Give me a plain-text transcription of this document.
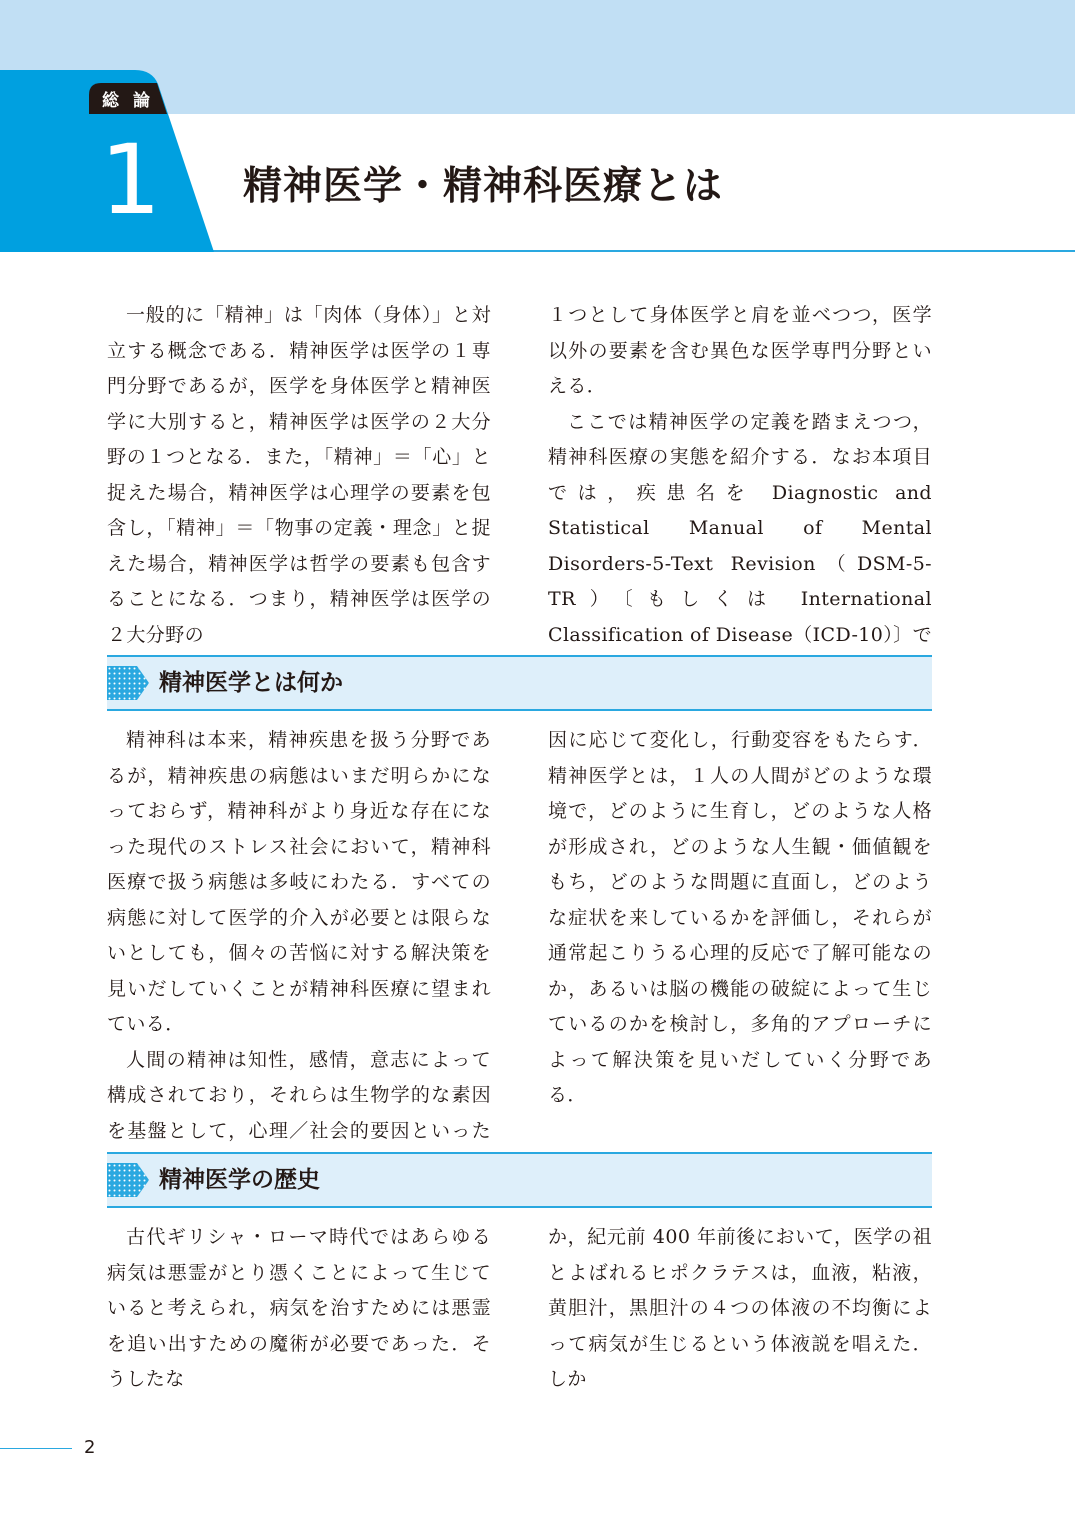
総 論
1 精神医学・精神科医療とは

一般的に「精神」は「肉体（身体）」と対立する概念である．精神医学は医学の１専門分野であるが，医学を身体医学と精神医学に大別すると，精神医学は医学の２大分野の１つとなる．また，「精神」＝「心」と捉えた場合，精神医学は心理学の要素を包含し，「精神」＝「物事の定義・理念」と捉えた場合，精神医学は哲学の要素も包含することになる．つまり，精神医学は医学の２大分野の

１つとして身体医学と肩を並べつつ，医学以外の要素を含む異色な医学専門分野といえる．

ここでは精神医学の定義を踏まえつつ，精神科医療の実態を紹介する．なお本項目では，疾患名を Diagnostic and Statistical Manual of Mental Disorders-5-Text Revision（DSM-5-TR）〔もしくは International Classification of Disease（ICD-10）〕で

精神医学とは何か

精神科は本来，精神疾患を扱う分野であるが，精神疾患の病態はいまだ明らかになっておらず，精神科がより身近な存在になった現代のストレス社会において，精神科医療で扱う病態は多岐にわたる．すべての病態に対して医学的介入が必要とは限らないとしても，個々の苦悩に対する解決策を見いだしていくことが精神科医療に望まれている．

人間の精神は知性，感情，意志によって構成されており，それらは生物学的な素因を基盤として，心理／社会的要因といった

因に応じて変化し，行動変容をもたらす．精神医学とは，１人の人間がどのような環境で，どのように生育し，どのような人格が形成され，どのような人生観・価値観をもち，どのような問題に直面し，どのような症状を来しているかを評価し，それらが通常起こりうる心理的反応で了解可能なのか，あるいは脳の機能の破綻によって生じているのかを検討し，多角的アプローチによって解決策を見いだしていく分野である．

精神医学の歴史

古代ギリシャ・ローマ時代ではあらゆる病気は悪霊がとり憑くことによって生じていると考えられ，病気を治すためには悪霊を追い出すための魔術が必要であった．そうしたな

か，紀元前 400 年前後において，医学の祖とよばれるヒポクラテスは，血液，粘液，黄胆汁，黒胆汁の４つの体液の不均衡によって病気が生じるという体液説を唱えた．しか

2
